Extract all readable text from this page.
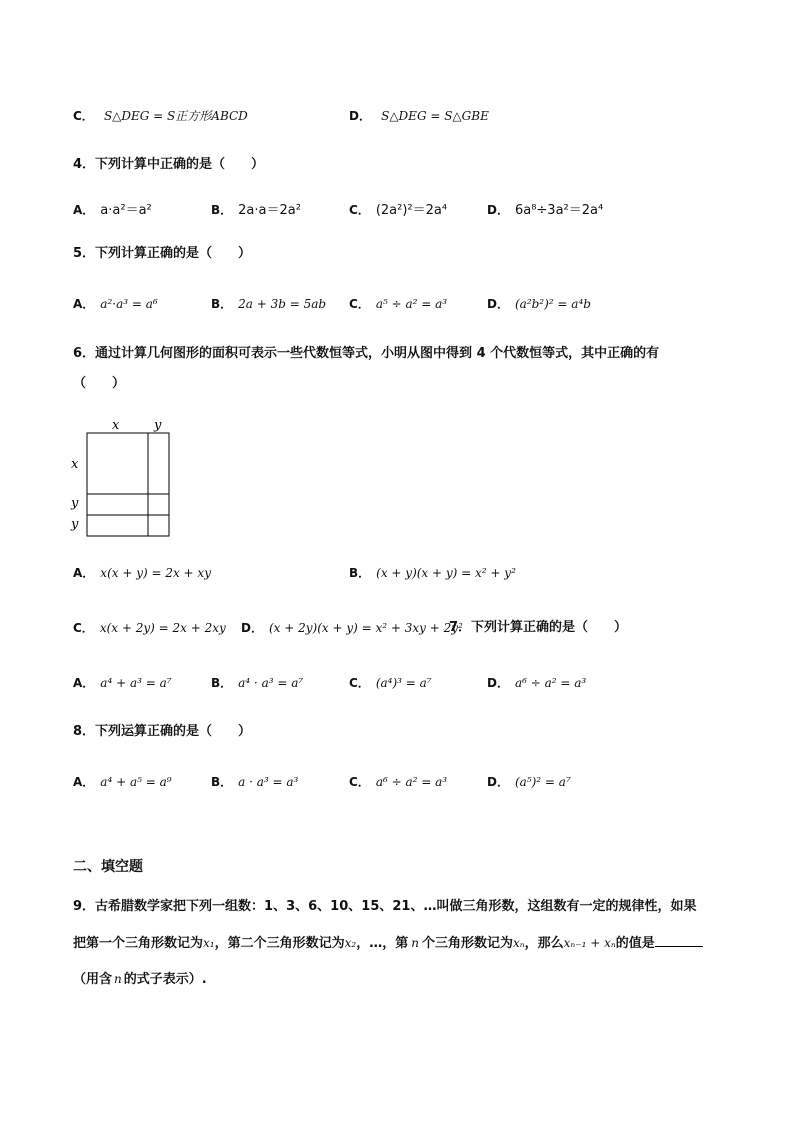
C． S△DEG = S正方形ABCD	D． S△DEG = S△GBE
4．下列计算中正确的是（　　）
A． a·a²＝a²	B． 2a·a＝2a²	C． (2a²)²＝2a⁴	D． 6a⁸÷3a²＝2a⁴
5．下列计算正确的是（　　）
A． a²·a³ = a⁶	B． 2a + 3b = 5ab C． a⁵ ÷ a² = a³	D． (a²b²)² = a⁴b
6．通过计算几何图形的面积可表示一些代数恒等式，小明从图中得到 4 个代数恒等式，其中正确的有
（　　）
x	y
x
y
y
A． x(x + y) = 2x + xy	B． (x + y)(x + y) = x² + y²
C． x(x + 2y) = 2x + 2xy D． (x + 2y)(x + y) = x² + 3xy + 2y²
7．下列计算正确的是（　　）
A． a⁴ + a³ = a⁷	B． a⁴ · a³ = a⁷	C． (a⁴)³ = a⁷	D． a⁶ ÷ a² = a³
8．下列运算正确的是（　　）
A． a⁴ + a⁵ = a⁹	B． a · a³ = a³	C． a⁶ ÷ a² = a³	D． (a⁵)² = a⁷
二、填空题
9．古希腊数学家把下列一组数：1、3、6、10、15、21、…叫做三角形数，这组数有一定的规律性，如果
把第一个三角形数记为x₁，第二个三角形数记为x₂，…，第 n 个三角形数记为xₙ，那么xₙ₋₁ + xₙ的值是
（用含 n 的式子表示）.
